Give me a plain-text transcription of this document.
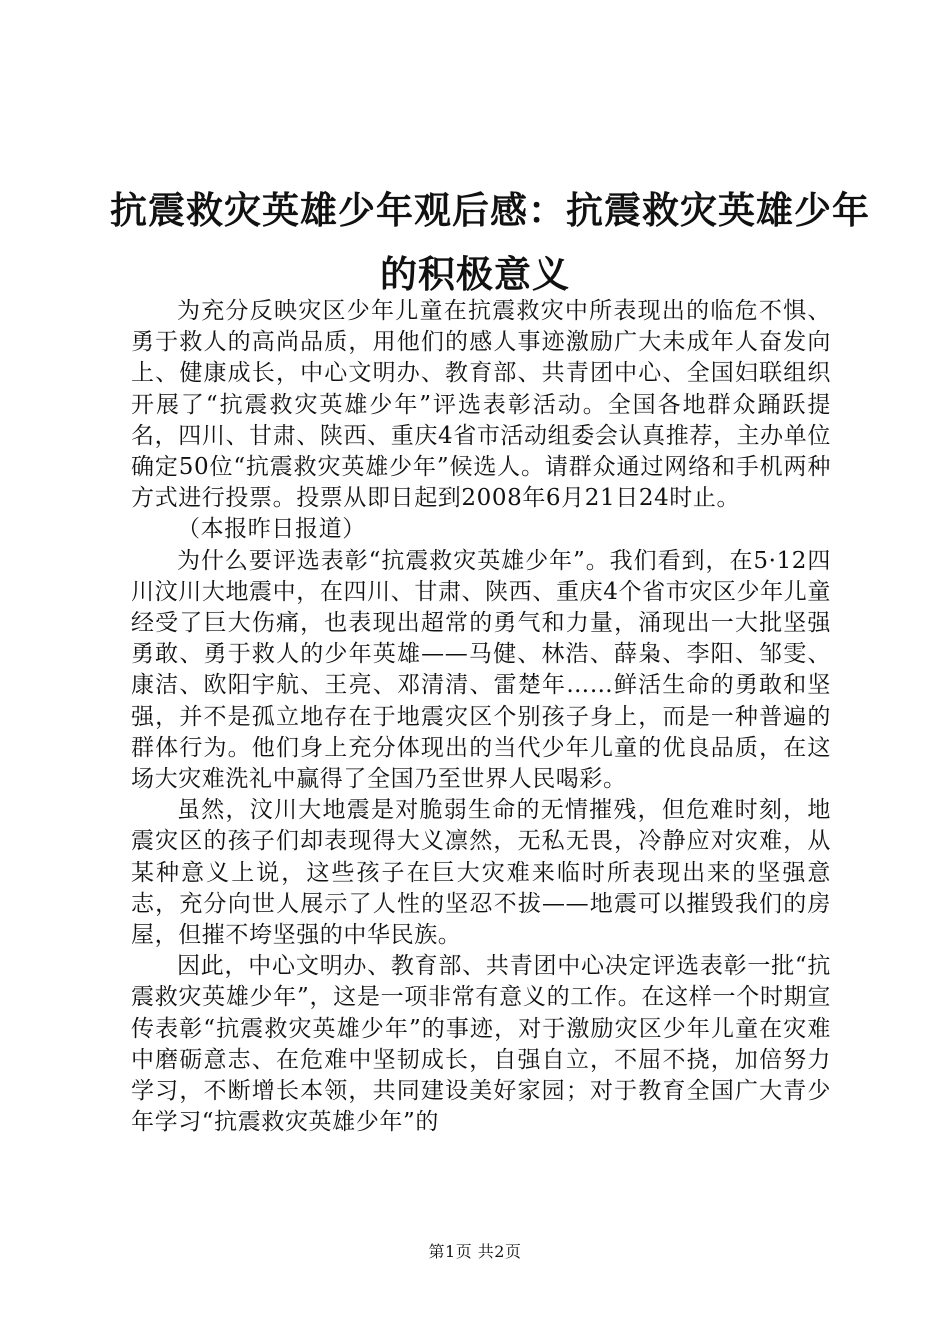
抗震救灾英雄少年观后感：抗震救灾英雄少年
的积极意义

为充分反映灾区少年儿童在抗震救灾中所表现出的临危不惧、勇于救人的高尚品质，用他们的感人事迹激励广大未成年人奋发向上、健康成长，中心文明办、教育部、共青团中心、全国妇联组织开展了“抗震救灾英雄少年”评选表彰活动。全国各地群众踊跃提名，四川、甘肃、陕西、重庆4省市活动组委会认真推荐，主办单位确定50位“抗震救灾英雄少年”候选人。请群众通过网络和手机两种方式进行投票。投票从即日起到2008年6月21日24时止。

（本报昨日报道）

为什么要评选表彰“抗震救灾英雄少年”。我们看到，在5·12四川汶川大地震中，在四川、甘肃、陕西、重庆4个省市灾区少年儿童经受了巨大伤痛，也表现出超常的勇气和力量，涌现出一大批坚强勇敢、勇于救人的少年英雄——马健、林浩、薛枭、李阳、邹雯、康洁、欧阳宇航、王亮、邓清清、雷楚年……鲜活生命的勇敢和坚强，并不是孤立地存在于地震灾区个别孩子身上，而是一种普遍的群体行为。他们身上充分体现出的当代少年儿童的优良品质，在这场大灾难洗礼中赢得了全国乃至世界人民喝彩。

虽然，汶川大地震是对脆弱生命的无情摧残，但危难时刻，地震灾区的孩子们却表现得大义凛然，无私无畏，冷静应对灾难，从某种意义上说，这些孩子在巨大灾难来临时所表现出来的坚强意志，充分向世人展示了人性的坚忍不拔——地震可以摧毁我们的房屋，但摧不垮坚强的中华民族。

因此，中心文明办、教育部、共青团中心决定评选表彰一批“抗震救灾英雄少年”，这是一项非常有意义的工作。在这样一个时期宣传表彰“抗震救灾英雄少年”的事迹，对于激励灾区少年儿童在灾难中磨砺意志、在危难中坚韧成长，自强自立，不屈不挠，加倍努力学习，不断增长本领，共同建设美好家园；对于教育全国广大青少年学习“抗震救灾英雄少年”的

第1页 共2页
